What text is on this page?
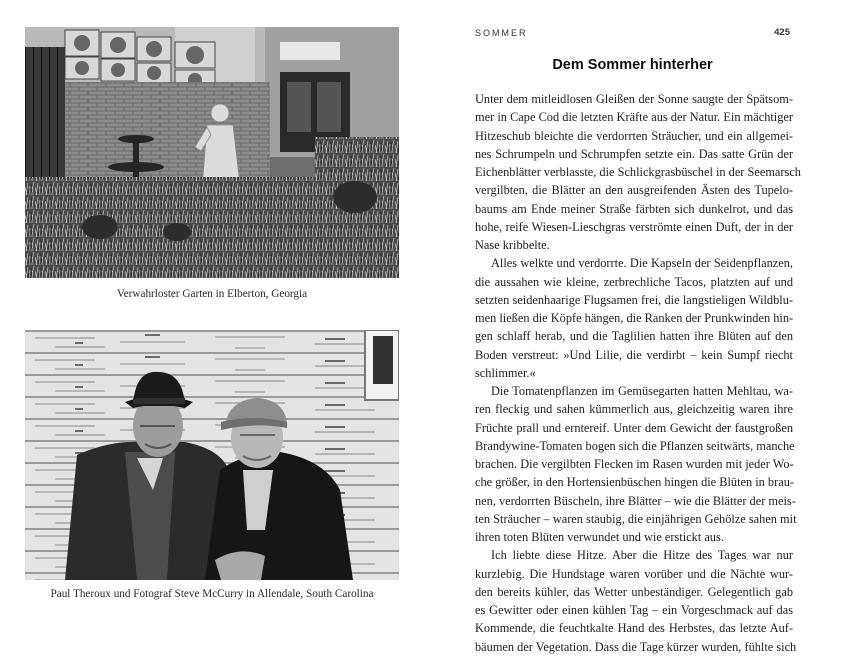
Verwahrloster Garten in Elberton, Georgia

Paul Theroux und Fotograf Steve McCurry in Allendale, South Carolina

SOMMER	425

Dem Sommer hinterher
Unter dem mitleidlosen Gleißen der Sonne saugte der Spätsom-
mer in Cape Cod die letzten Kräfte aus der Natur. Ein mächtiger
Hitzeschub bleichte die verdorrten Sträucher, und ein allgemei-
nes Schrumpeln und Schrumpfen setzte ein. Das satte Grün der
Eichenblätter verblasste, die Schlickgrasbüschel in der Seemarsch
vergilbten, die Blätter an den ausgreifenden Ästen des Tupelo-
baums am Ende meiner Straße färbten sich dunkelrot, und das
hohe, reife Wiesen-Lieschgras verströmte einen Duft, der in der
Nase kribbelte.
Alles welkte und verdorrte. Die Kapseln der Seidenpflanzen,
die aussahen wie kleine, zerbrechliche Tacos, platzten auf und
setzten seidenhaarige Flugsamen frei, die langstieligen Wildblu-
men ließen die Köpfe hängen, die Ranken der Prunkwinden hin-
gen schlaff herab, und die Taglilien hatten ihre Blüten auf den
Boden verstreut: »Und Lilie, die verdirbt – kein Sumpf riecht
schlimmer.«
Die Tomatenpflanzen im Gemüsegarten hatten Mehltau, wa-
ren fleckig und sahen kümmerlich aus, gleichzeitig waren ihre
Früchte prall und erntereif. Unter dem Gewicht der faustgroßen
Brandywine-Tomaten bogen sich die Pflanzen seitwärts, manche
brachen. Die vergilbten Flecken im Rasen wurden mit jeder Wo-
che größer, in den Hortensienbüschen hingen die Blüten in brau-
nen, verdorrten Büscheln, ihre Blätter – wie die Blätter der meis-
ten Sträucher – waren staubig, die einjährigen Gehölze sahen mit
ihren toten Blüten verwundet und wie erstickt aus.
Ich liebte diese Hitze. Aber die Hitze des Tages war nur
kurzlebig. Die Hundstage waren vorüber und die Nächte wur-
den bereits kühler, das Wetter unbeständiger. Gelegentlich gab
es Gewitter oder einen kühlen Tag – ein Vorgeschmack auf das
Kommende, die feuchtkalte Hand des Herbstes, das letzte Auf-
bäumen der Vegetation. Dass die Tage kürzer wurden, fühlte sich
